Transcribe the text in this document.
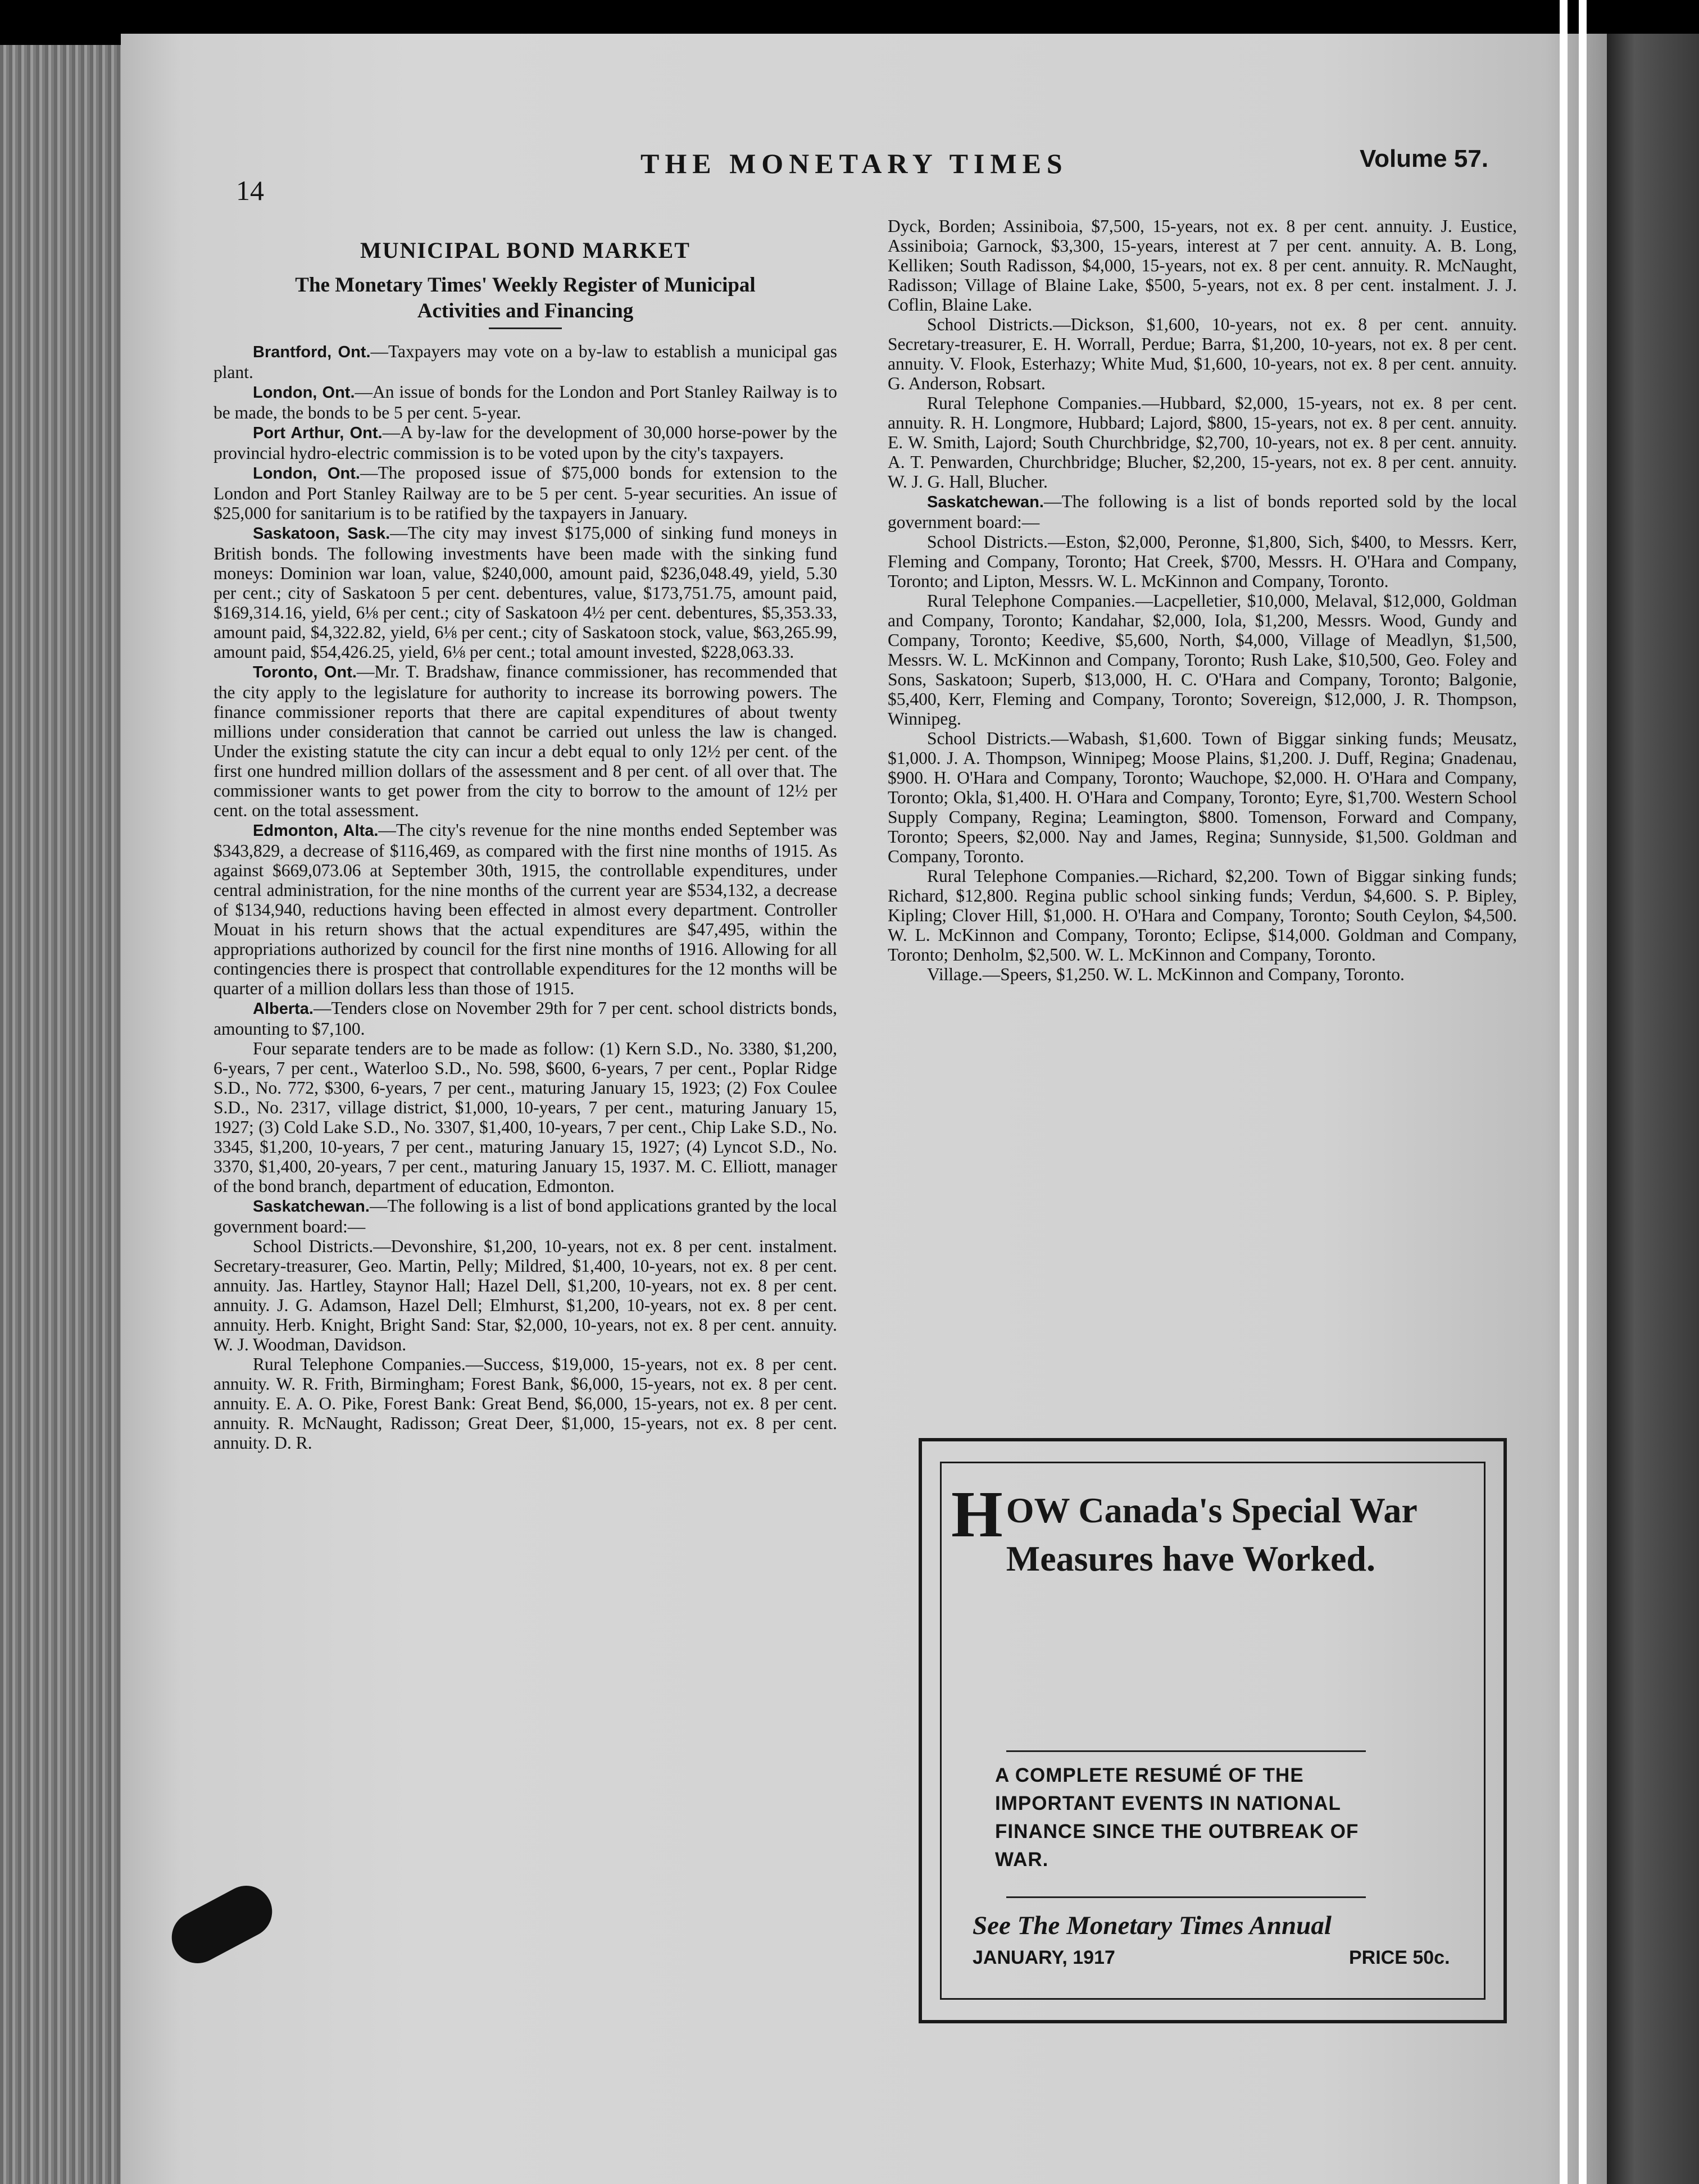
14
THE MONETARY TIMES	Volume 57.
MUNICIPAL BOND MARKET
The Monetary Times' Weekly Register of Municipal
Activities and Financing

Brantford, Ont.—Taxpayers may vote on a by-law to establish a municipal gas plant.

London, Ont.—An issue of bonds for the London and Port Stanley Railway is to be made, the bonds to be 5 per cent. 5-year.

Port Arthur, Ont.—A by-law for the development of 30,000 horse-power by the provincial hydro-electric commission is to be voted upon by the city's taxpayers.

London, Ont.—The proposed issue of $75,000 bonds for extension to the London and Port Stanley Railway are to be 5 per cent. 5-year securities. An issue of $25,000 for sanitarium is to be ratified by the taxpayers in January.

Saskatoon, Sask.—The city may invest $175,000 of sinking fund moneys in British bonds. The following investments have been made with the sinking fund moneys: Dominion war loan, value, $240,000, amount paid, $236,048.49, yield, 5.30 per cent.; city of Saskatoon 5 per cent. debentures, value, $173,751.75, amount paid, $169,314.16, yield, 6⅛ per cent.; city of Saskatoon 4½ per cent. debentures, $5,353.33, amount paid, $4,322.82, yield, 6⅛ per cent.; city of Saskatoon stock, value, $63,265.99, amount paid, $54,426.25, yield, 6⅛ per cent.; total amount invested, $228,063.33.

Toronto, Ont.—Mr. T. Bradshaw, finance commissioner, has recommended that the city apply to the legislature for authority to increase its borrowing powers. The finance commissioner reports that there are capital expenditures of about twenty millions under consideration that cannot be carried out unless the law is changed. Under the existing statute the city can incur a debt equal to only 12½ per cent. of the first one hundred million dollars of the assessment and 8 per cent. of all over that. The commissioner wants to get power from the city to borrow to the amount of 12½ per cent. on the total assessment.

Edmonton, Alta.—The city's revenue for the nine months ended September was $343,829, a decrease of $116,469, as compared with the first nine months of 1915. As against $669,073.06 at September 30th, 1915, the controllable expenditures, under central administration, for the nine months of the current year are $534,132, a decrease of $134,940, reductions having been effected in almost every department. Controller Mouat in his return shows that the actual expenditures are $47,495, within the appropriations authorized by council for the first nine months of 1916. Allowing for all contingencies there is prospect that controllable expenditures for the 12 months will be quarter of a million dollars less than those of 1915.

Alberta.—Tenders close on November 29th for 7 per cent. school districts bonds, amounting to $7,100.

Four separate tenders are to be made as follow: (1) Kern S.D., No. 3380, $1,200, 6-years, 7 per cent., Waterloo S.D., No. 598, $600, 6-years, 7 per cent., Poplar Ridge S.D., No. 772, $300, 6-years, 7 per cent., maturing January 15, 1923; (2) Fox Coulee S.D., No. 2317, village district, $1,000, 10-years, 7 per cent., maturing January 15, 1927; (3) Cold Lake S.D., No. 3307, $1,400, 10-years, 7 per cent., Chip Lake S.D., No. 3345, $1,200, 10-years, 7 per cent., maturing January 15, 1927; (4) Lyncot S.D., No. 3370, $1,400, 20-years, 7 per cent., maturing January 15, 1937. M. C. Elliott, manager of the bond branch, department of education, Edmonton.

Saskatchewan.—The following is a list of bond applications granted by the local government board:—

School Districts.—Devonshire, $1,200, 10-years, not ex. 8 per cent. instalment. Secretary-treasurer, Geo. Martin, Pelly; Mildred, $1,400, 10-years, not ex. 8 per cent. annuity. Jas. Hartley, Staynor Hall; Hazel Dell, $1,200, 10-years, not ex. 8 per cent. annuity. J. G. Adamson, Hazel Dell; Elmhurst, $1,200, 10-years, not ex. 8 per cent. annuity. Herb. Knight, Bright Sand: Star, $2,000, 10-years, not ex. 8 per cent. annuity. W. J. Woodman, Davidson.

Rural Telephone Companies.—Success, $19,000, 15-years, not ex. 8 per cent. annuity. W. R. Frith, Birmingham; Forest Bank, $6,000, 15-years, not ex. 8 per cent. annuity. E. A. O. Pike, Forest Bank: Great Bend, $6,000, 15-years, not ex. 8 per cent. annuity. R. McNaught, Radisson; Great Deer, $1,000, 15-years, not ex. 8 per cent. annuity. D. R.

Dyck, Borden; Assiniboia, $7,500, 15-years, not ex. 8 per cent. annuity. J. Eustice, Assiniboia; Garnock, $3,300, 15-years, interest at 7 per cent. annuity. A. B. Long, Kelliken; South Radisson, $4,000, 15-years, not ex. 8 per cent. annuity. R. McNaught, Radisson; Village of Blaine Lake, $500, 5-years, not ex. 8 per cent. instalment. J. J. Coflin, Blaine Lake.

School Districts.—Dickson, $1,600, 10-years, not ex. 8 per cent. annuity. Secretary-treasurer, E. H. Worrall, Perdue; Barra, $1,200, 10-years, not ex. 8 per cent. annuity. V. Flook, Esterhazy; White Mud, $1,600, 10-years, not ex. 8 per cent. annuity. G. Anderson, Robsart.

Rural Telephone Companies.—Hubbard, $2,000, 15-years, not ex. 8 per cent. annuity. R. H. Longmore, Hubbard; Lajord, $800, 15-years, not ex. 8 per cent. annuity. E. W. Smith, Lajord; South Churchbridge, $2,700, 10-years, not ex. 8 per cent. annuity. A. T. Penwarden, Churchbridge; Blucher, $2,200, 15-years, not ex. 8 per cent. annuity. W. J. G. Hall, Blucher.

Saskatchewan.—The following is a list of bonds reported sold by the local government board:—

School Districts.—Eston, $2,000, Peronne, $1,800, Sich, $400, to Messrs. Kerr, Fleming and Company, Toronto; Hat Creek, $700, Messrs. H. O'Hara and Company, Toronto; and Lipton, Messrs. W. L. McKinnon and Company, Toronto.

Rural Telephone Companies.—Lacpelletier, $10,000, Melaval, $12,000, Goldman and Company, Toronto; Kandahar, $2,000, Iola, $1,200, Messrs. Wood, Gundy and Company, Toronto; Keedive, $5,600, North, $4,000, Village of Meadlyn, $1,500, Messrs. W. L. McKinnon and Company, Toronto; Rush Lake, $10,500, Geo. Foley and Sons, Saskatoon; Superb, $13,000, H. C. O'Hara and Company, Toronto; Balgonie, $5,400, Kerr, Fleming and Company, Toronto; Sovereign, $12,000, J. R. Thompson, Winnipeg.

School Districts.—Wabash, $1,600. Town of Biggar sinking funds; Meusatz, $1,000. J. A. Thompson, Winnipeg; Moose Plains, $1,200. J. Duff, Regina; Gnadenau, $900. H. O'Hara and Company, Toronto; Wauchope, $2,000. H. O'Hara and Company, Toronto; Okla, $1,400. H. O'Hara and Company, Toronto; Eyre, $1,700. Western School Supply Company, Regina; Leamington, $800. Tomenson, Forward and Company, Toronto; Speers, $2,000. Nay and James, Regina; Sunnyside, $1,500. Goldman and Company, Toronto.

Rural Telephone Companies.—Richard, $2,200. Town of Biggar sinking funds; Richard, $12,800. Regina public school sinking funds; Verdun, $4,600. S. P. Bipley, Kipling; Clover Hill, $1,000. H. O'Hara and Company, Toronto; South Ceylon, $4,500. W. L. McKinnon and Company, Toronto; Eclipse, $14,000. Goldman and Company, Toronto; Denholm, $2,500. W. L. McKinnon and Company, Toronto.

Village.—Speers, $1,250. W. L. McKinnon and Company, Toronto.

HOW Canada's Special War Measures have Worked.
A COMPLETE RESUMÉ OF THE IMPORTANT EVENTS IN NATIONAL FINANCE SINCE THE OUTBREAK OF WAR.
See The Monetary Times Annual
JANUARY, 1917	PRICE 50c.
